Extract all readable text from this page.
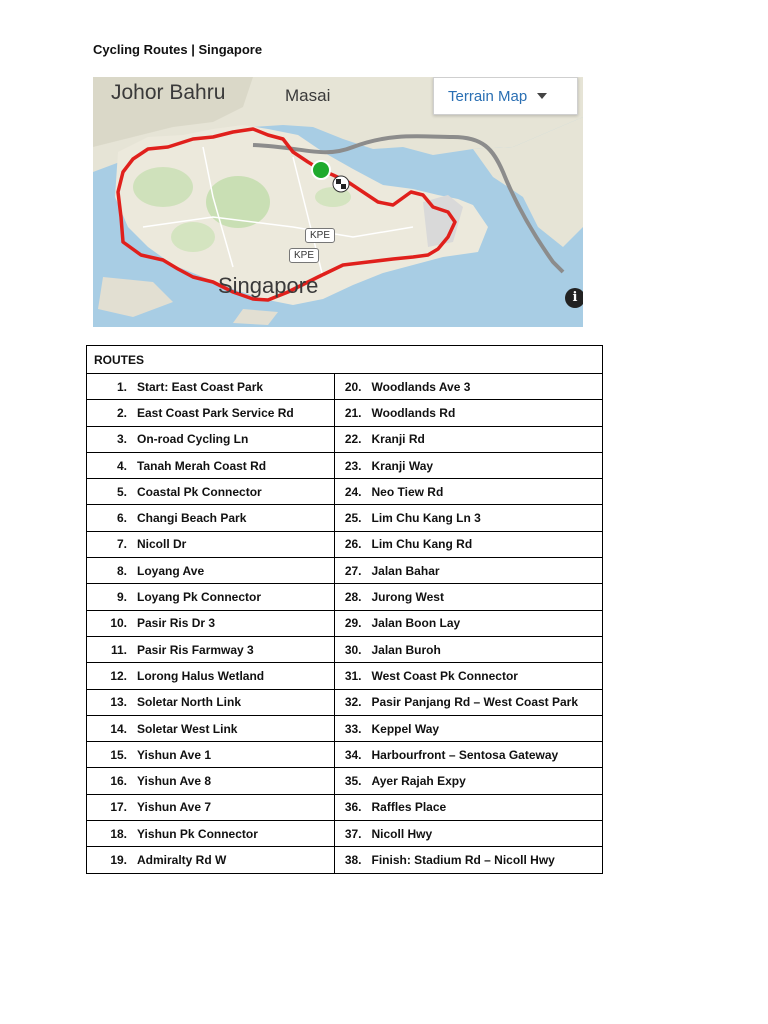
Cycling Routes | Singapore
Johor Bahru	Masai
Singapore
KPE
KPE
Terrain Map
i
ROUTES	
1. Start: East Coast Park	20. Woodlands Ave 3
2. East Coast Park Service Rd	21. Woodlands Rd
3. On-road Cycling Ln	22. Kranji Rd
4. Tanah Merah Coast Rd	23. Kranji Way
5. Coastal Pk Connector	24. Neo Tiew Rd
6. Changi Beach Park	25. Lim Chu Kang Ln 3
7. Nicoll Dr	26. Lim Chu Kang Rd
8. Loyang Ave	27. Jalan Bahar
9. Loyang Pk Connector	28. Jurong West
10. Pasir Ris Dr 3	29. Jalan Boon Lay
11. Pasir Ris Farmway 3	30. Jalan Buroh
12. Lorong Halus Wetland	31. West Coast Pk Connector
13. Soletar North Link	32. Pasir Panjang Rd – West Coast Park
14. Soletar West Link	33. Keppel Way
15. Yishun Ave 1	34. Harbourfront – Sentosa Gateway
16. Yishun Ave 8	35. Ayer Rajah Expy
17. Yishun Ave 7	36. Raffles Place
18. Yishun Pk Connector	37. Nicoll Hwy
19. Admiralty Rd W	38. Finish: Stadium Rd – Nicoll Hwy
